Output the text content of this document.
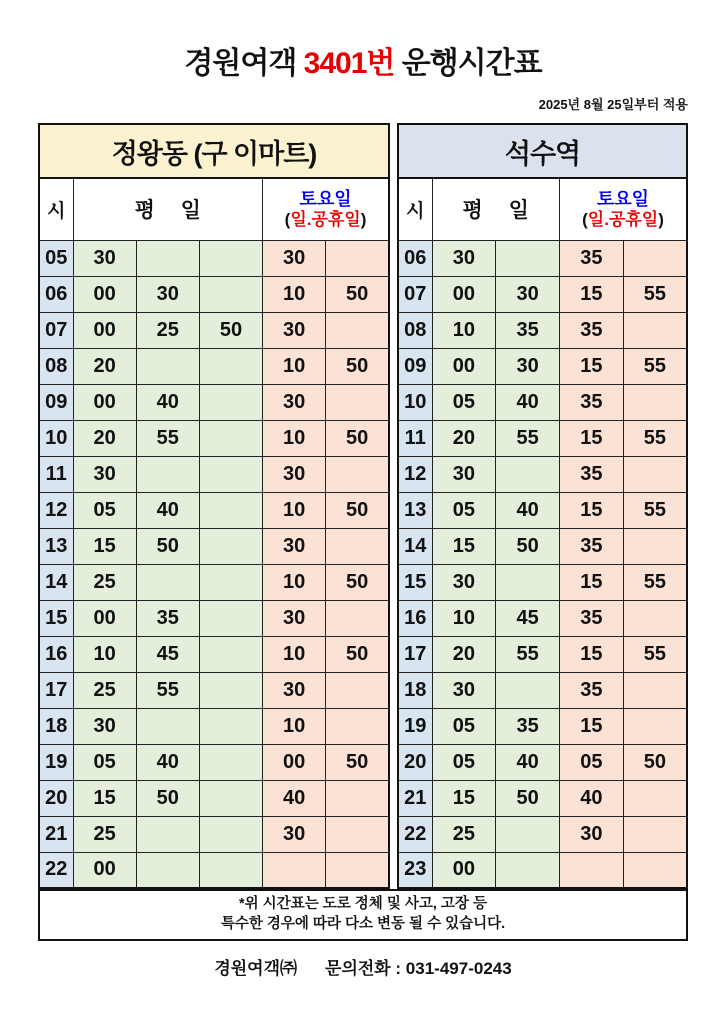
경원여객 3401번 운행시간표
2025년 8월 25일부터 적용
정왕동 (구 이마트)
시	평 일			토요일
(일.공휴일)	

05	30			30	
06	00	30		10	50
07	00	25	50	30	
08	20			10	50
09	00	40		30	
10	20	55		10	50
11	30			30	
12	05	40		10	50
13	15	50		30	
14	25			10	50
15	00	35		30	
16	10	45		10	50
17	25	55		30	
18	30			10	
19	05	40		00	50
20	15	50		40	
21	25			30	
22	00				
석수역
시	평 일		토요일
(일.공휴일)	

06	30		35	
07	00	30	15	55
08	10	35	35	
09	00	30	15	55
10	05	40	35	
11	20	55	15	55
12	30		35	
13	05	40	15	55
14	15	50	35	
15	30		15	55
16	10	45	35	
17	20	55	15	55
18	30		35	
19	05	35	15	
20	05	40	05	50
21	15	50	40	
22	25		30	
23	00			
*위 시간표는 도로 정체 및 사고, 고장 등
특수한 경우에 따라 다소 변동 될 수 있습니다.
경원여객㈜ 문의전화 : 031-497-0243
